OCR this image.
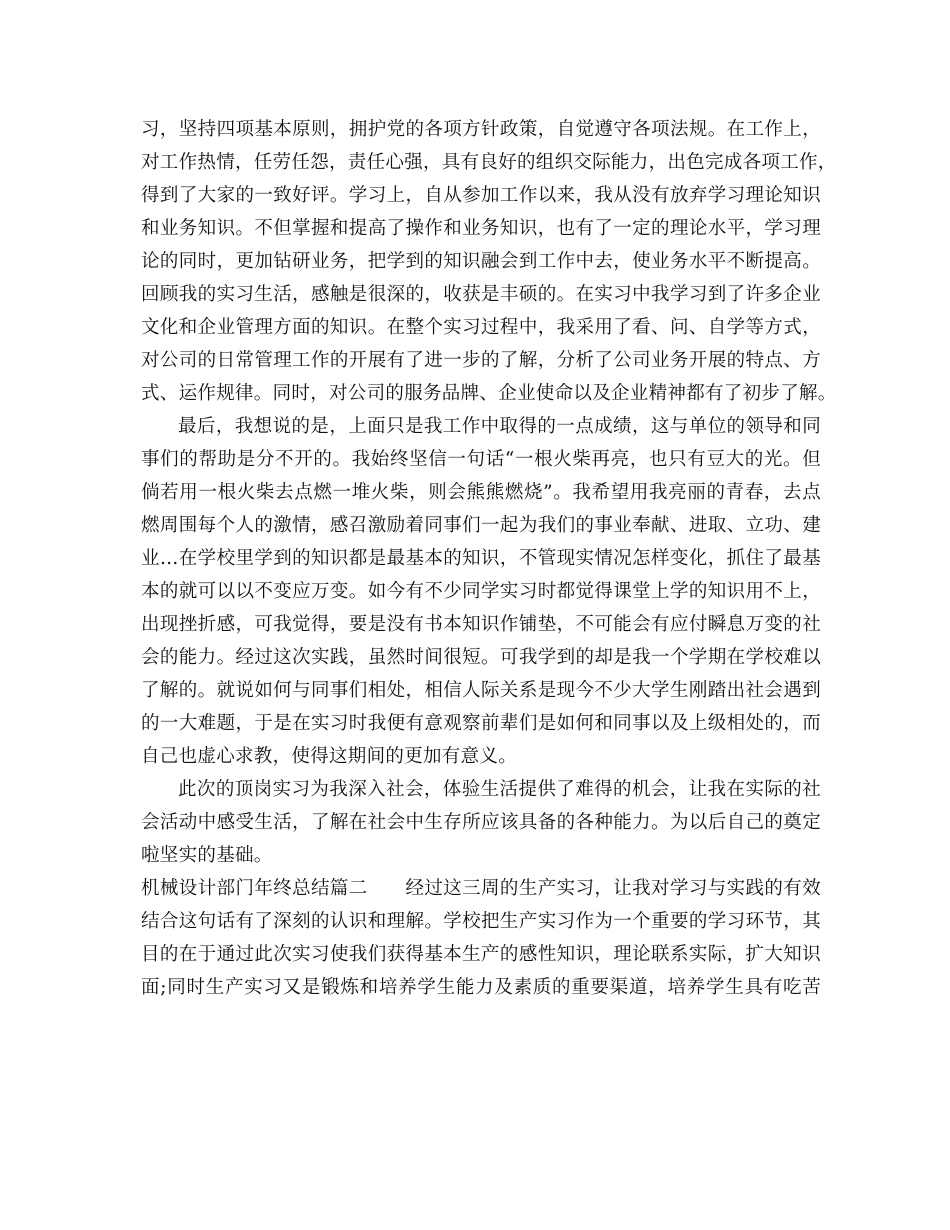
习，坚持四项基本原则，拥护党的各项方针政策，自觉遵守各项法规。在工作上，
对工作热情，任劳任怨，责任心强，具有良好的组织交际能力，出色完成各项工作，
得到了大家的一致好评。学习上，自从参加工作以来，我从没有放弃学习理论知识
和业务知识。不但掌握和提高了操作和业务知识，也有了一定的理论水平，学习理
论的同时，更加钻研业务，把学到的知识融会到工作中去，使业务水平不断提高。
回顾我的实习生活，感触是很深的，收获是丰硕的。在实习中我学习到了许多企业
文化和企业管理方面的知识。在整个实习过程中，我采用了看、问、自学等方式，
对公司的日常管理工作的开展有了进一步的了解，分析了公司业务开展的特点、方
式、运作规律。同时，对公司的服务品牌、企业使命以及企业精神都有了初步了解。
最后，我想说的是，上面只是我工作中取得的一点成绩，这与单位的领导和同
事们的帮助是分不开的。我始终坚信一句话“一根火柴再亮，也只有豆大的光。但
倘若用一根火柴去点燃一堆火柴，则会熊熊燃烧”。我希望用我亮丽的青春，去点
燃周围每个人的激情，感召激励着同事们一起为我们的事业奉献、进取、立功、建
业…在学校里学到的知识都是最基本的知识，不管现实情况怎样变化，抓住了最基
本的就可以以不变应万变。如今有不少同学实习时都觉得课堂上学的知识用不上，
出现挫折感，可我觉得，要是没有书本知识作铺垫，不可能会有应付瞬息万变的社
会的能力。经过这次实践，虽然时间很短。可我学到的却是我一个学期在学校难以
了解的。就说如何与同事们相处，相信人际关系是现今不少大学生刚踏出社会遇到
的一大难题，于是在实习时我便有意观察前辈们是如何和同事以及上级相处的，而
自己也虚心求教，使得这期间的更加有意义。
此次的顶岗实习为我深入社会，体验生活提供了难得的机会，让我在实际的社
会活动中感受生活，了解在社会中生存所应该具备的各种能力。为以后自己的奠定
啦坚实的基础。
机械设计部门年终总结篇二　　经过这三周的生产实习，让我对学习与实践的有效
结合这句话有了深刻的认识和理解。学校把生产实习作为一个重要的学习环节，其
目的在于通过此次实习使我们获得基本生产的感性知识，理论联系实际，扩大知识
面;同时生产实习又是锻炼和培养学生能力及素质的重要渠道，培养学生具有吃苦
